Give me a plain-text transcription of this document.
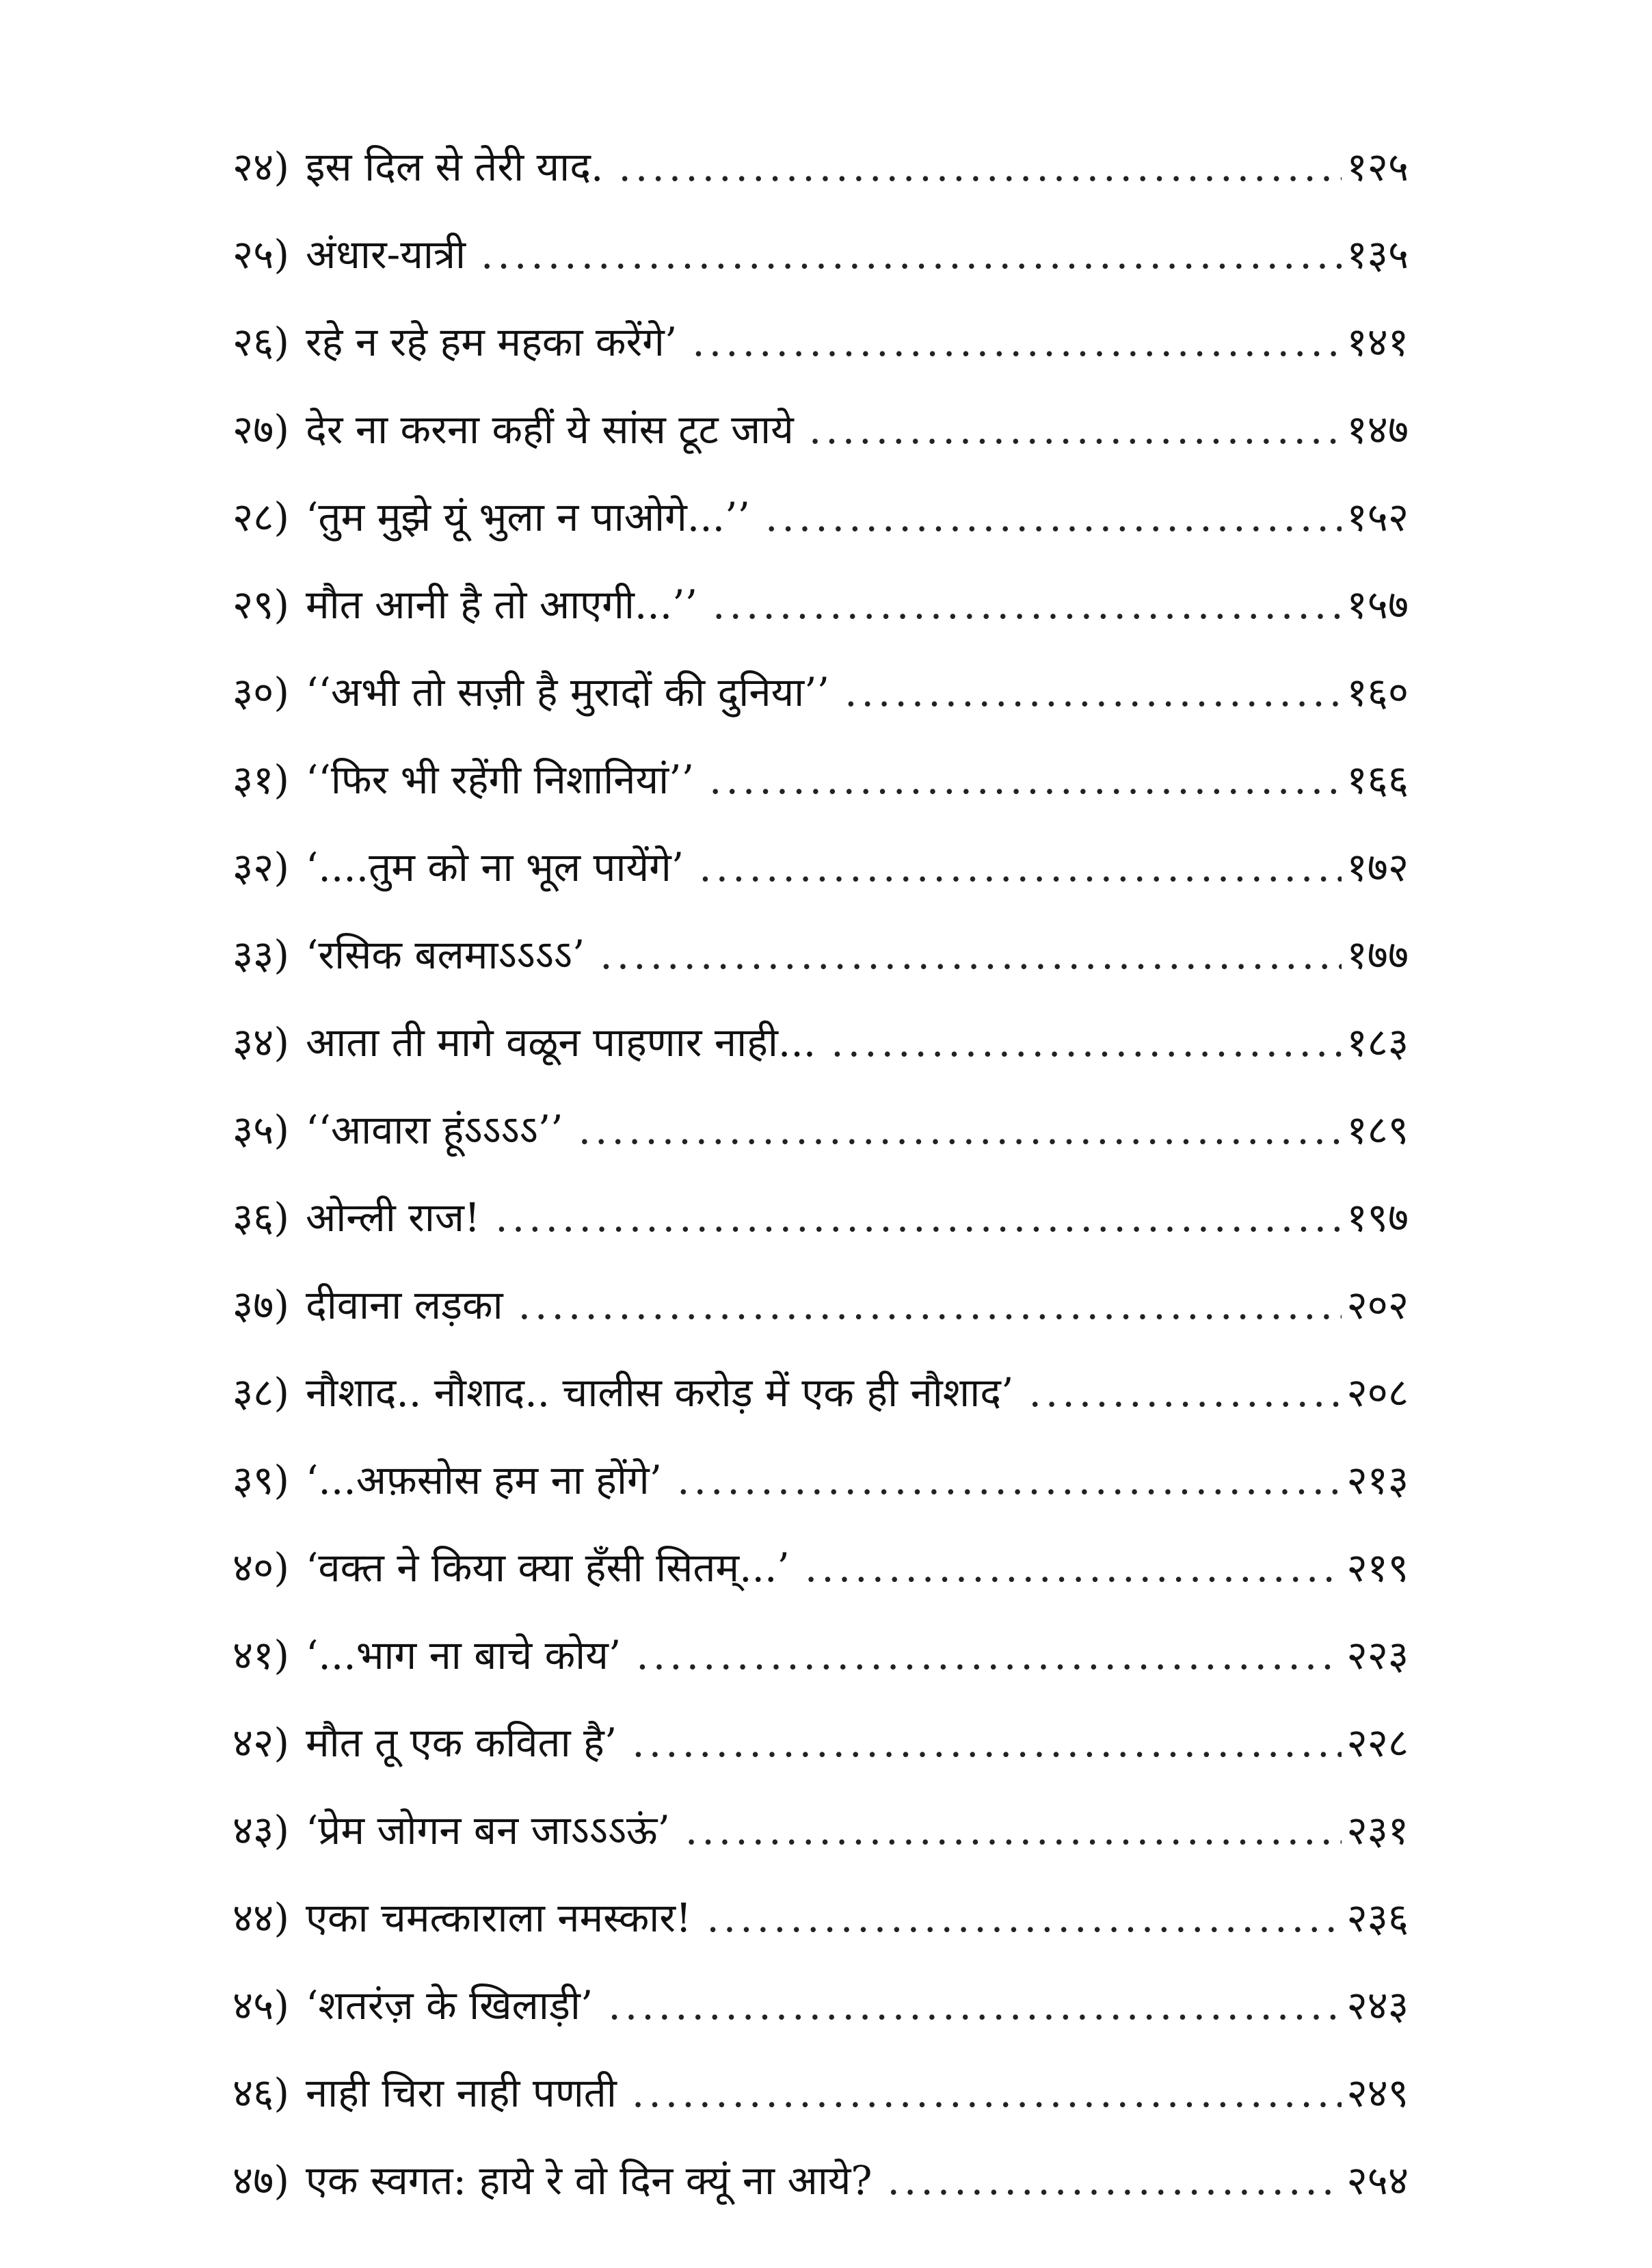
२४) इस दिल से तेरी याद. .....	१२५
२५) अंधार-यात्री .....	१३५
२६) रहे न रहे हम महका करेंगे’ .....	१४१
२७) देर ना करना कहीं ये सांस टूट जाये .....	१४७
२८) ‘तुम मुझे यूं भुला न पाओगे...’’ .....	१५२
२९) मौत आनी है तो आएगी...’’ .....	१५७
३०) ‘‘अभी तो सज़ी है मुरादों की दुनिया’’ .....	१६०
३१) ‘‘फिर भी रहेंगी निशानियां’’ .....	१६६
३२) ‘....तुम को ना भूल पायेंगे’ .....	१७२
३३) ‘रसिक बलमाऽऽऽऽ’ .....	१७७
३४) आता ती मागे वळून पाहणार नाही... .....	१८३
३५) ‘‘आवारा हूंऽऽऽऽ’’ .....	१८९
३६) ओन्ली राज! .....	१९७
३७) दीवाना लड़का .....	२०२
३८) नौशाद.. नौशाद.. चालीस करोड़ में एक ही नौशाद’ .....	२०८
३९) ‘...अफ़सोस हम ना होंगे’ .....	२१३
४०) ‘वक्त ने किया क्या हँसी सितम्...’ .....	२१९
४१) ‘...भाग ना बाचे कोय’ .....	२२३
४२) मौत तू एक कविता है’ .....	२२८
४३) ‘प्रेम जोगन बन जाऽऽऽऊं’ .....	२३१
४४) एका चमत्काराला नमस्कार! .....	२३६
४५) ‘शतरंज़ के खिलाड़ी’ .....	२४३
४६) नाही चिरा नाही पणती .....	२४९
४७) एक स्वगत: हाये रे वो दिन क्यूं ना आये? .....	२५४
